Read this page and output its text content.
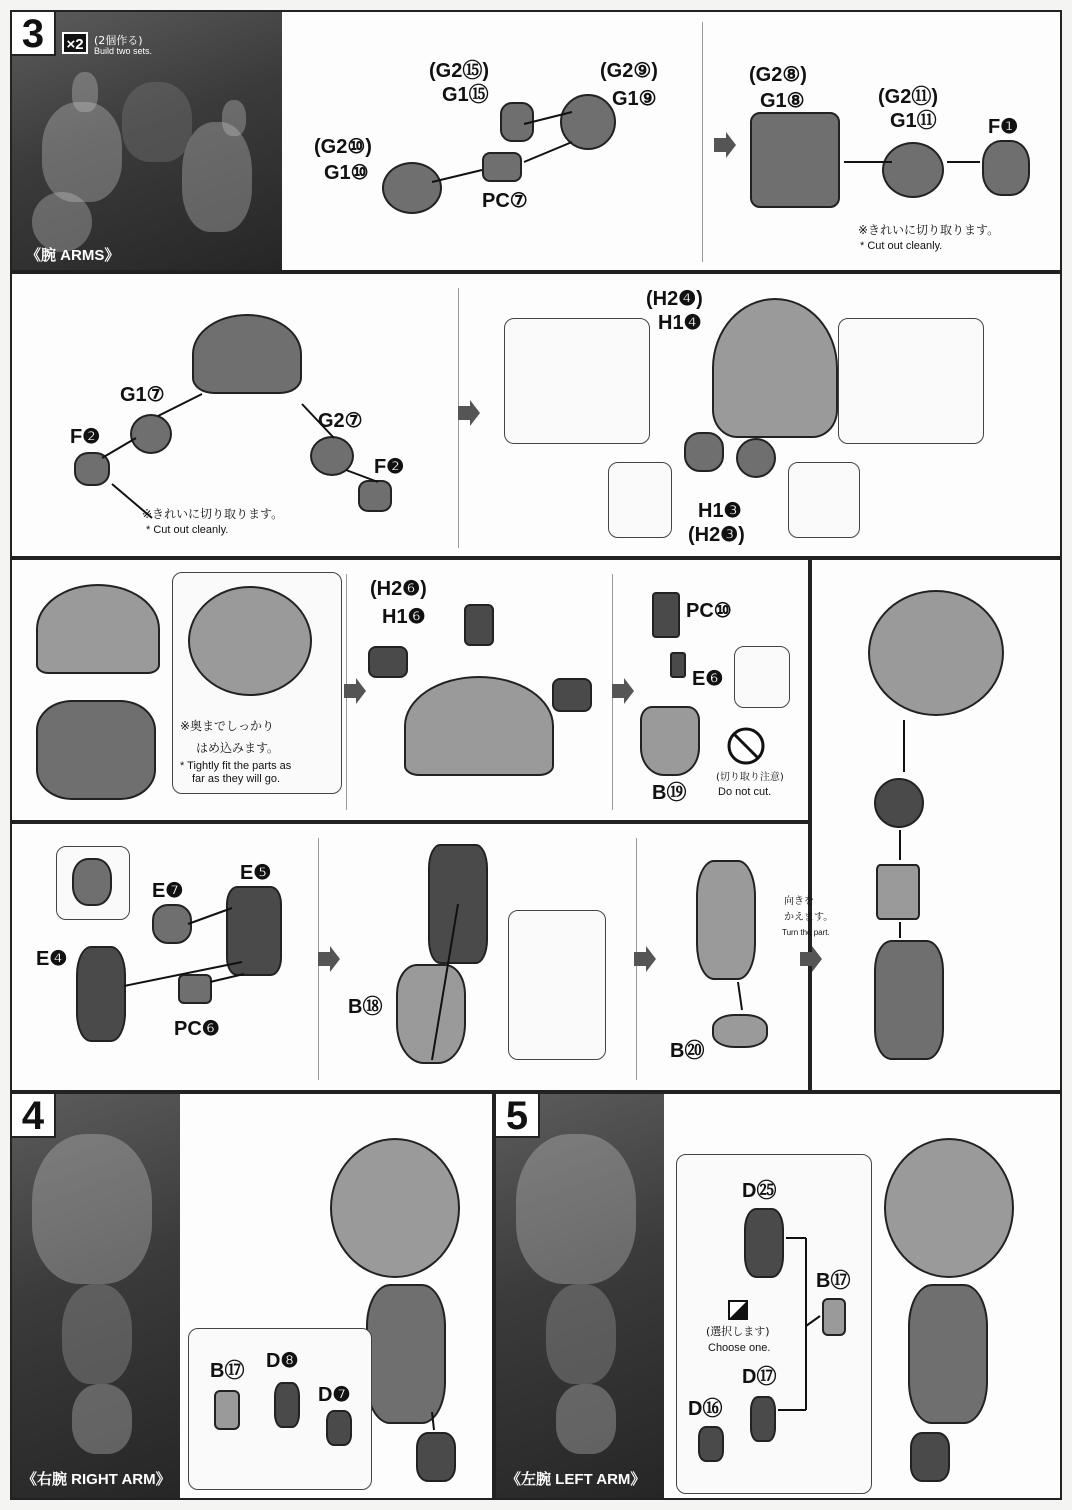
3	×2 (2個作る)
Build two sets.
《腕 ARMS》
(G2⑮)
G1⑮
(G2⑨)
G1⑨
(G2⑩)
G1⑩
PC⑦
(G2⑧)
G1⑧	(G2⑪)
G1⑪	F❶
※きれいに切り取ります。
* Cut out cleanly.
G1⑦
F❷
G2⑦
F❷
(H2❹)
H1❹
H1❸
(H2❸)
※きれいに切り取ります。
* Cut out cleanly.
※奥までしっかり
はめ込みます。
* Tightly fit the parts as
far as they will go.
(H2❻)
H1❻	PC⑩
E❻
B⑲
(切り取り注意)
Do not cut.
E❺
E❼
E❹
PC❻
B⑱
B⑳
向きを
かえます。
Turn the part.
4
《右腕 RIGHT ARM》
B⑰ D❽
D❼
5
《左腕 LEFT ARM》
D㉕
B⑰
(選択します)
Choose one.
D⑰
D⑯
